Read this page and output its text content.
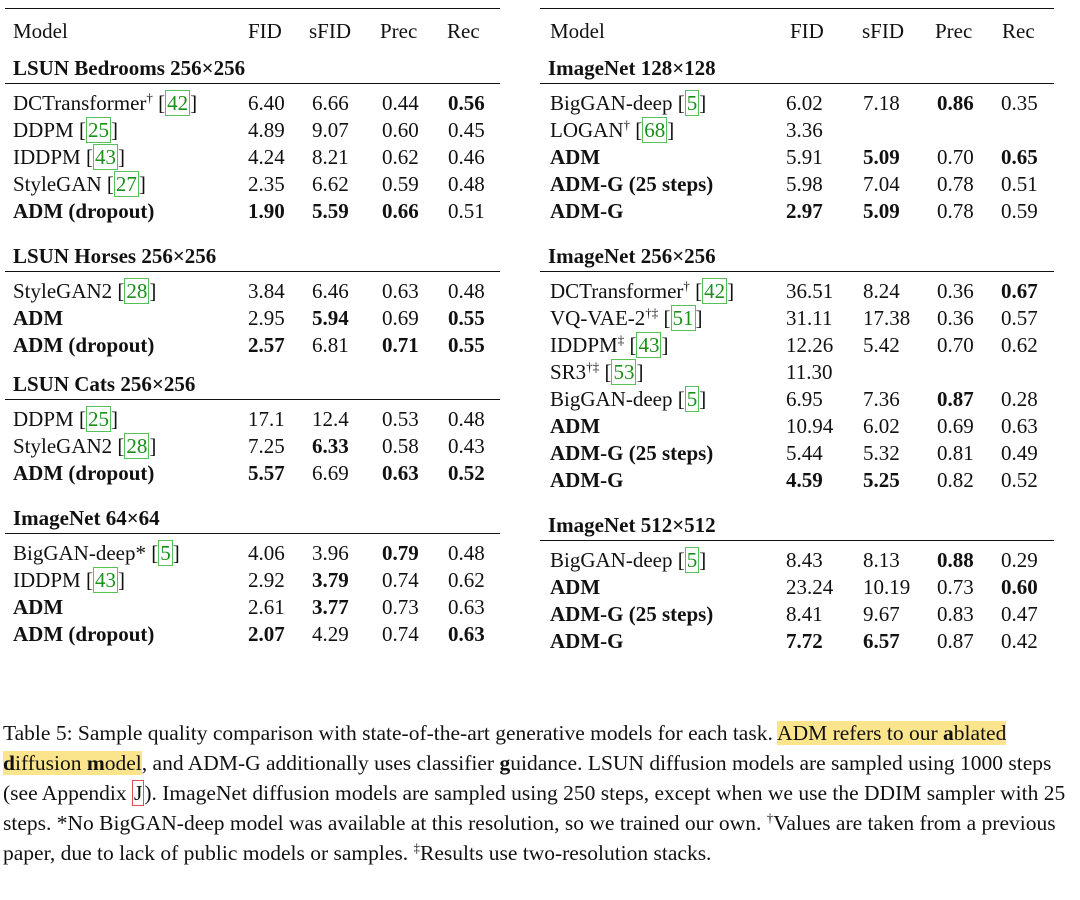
Model	FID sFID Prec Rec
LSUN Bedrooms 256×256
DCTransformer† [42] 6.40 6.66 0.44 0.56
DDPM [25]	4.89 9.07 0.60 0.45
IDDPM [43]	4.24 8.21 0.62 0.46
StyleGAN [27]	2.35 6.62 0.59 0.48
ADM (dropout)	1.90 5.59 0.66 0.51
LSUN Horses 256×256
StyleGAN2 [28]	3.84 6.46 0.63 0.48
ADM	2.95 5.94 0.69 0.55
ADM (dropout)	2.57 6.81 0.71 0.55
LSUN Cats 256×256
DDPM [25]	17.1 12.4 0.53 0.48
StyleGAN2 [28]	7.25 6.33 0.58 0.43
ADM (dropout)	5.57 6.69 0.63 0.52
ImageNet 64×64
BigGAN-deep* [5]	4.06 3.96 0.79 0.48
IDDPM [43]	2.92 3.79 0.74 0.62
ADM	2.61 3.77 0.73 0.63
ADM (dropout)	2.07 4.29 0.74 0.63
Model	FID sFID Prec Rec
ImageNet 128×128
BigGAN-deep [5]	6.02 7.18 0.86 0.35
LOGAN† [68]	3.36
ADM	5.91 5.09 0.70 0.65
ADM-G (25 steps)	5.98 7.04 0.78 0.51
ADM-G	2.97 5.09 0.78 0.59
ImageNet 256×256
DCTransformer† [42] 36.51 8.24 0.36 0.67
VQ-VAE-2†‡ [51]	31.11 17.38 0.36 0.57
IDDPM‡ [43]	12.26 5.42 0.70 0.62
SR3†‡ [53]	11.30
BigGAN-deep [5]	6.95 7.36 0.87 0.28
ADM	10.94 6.02 0.69 0.63
ADM-G (25 steps)	5.44 5.32 0.81 0.49
ADM-G	4.59 5.25 0.82 0.52
ImageNet 512×512
BigGAN-deep [5]	8.43 8.13 0.88 0.29
ADM	23.24 10.19 0.73 0.60
ADM-G (25 steps)	8.41 9.67 0.83 0.47
ADM-G	7.72 6.57 0.87 0.42
Table 5: Sample quality comparison with state-of-the-art generative models for each task. ADM refers to our ablated diffusion model, and ADM-G additionally uses classifier guidance. LSUN diffusion models are sampled using 1000 steps (see Appendix J). ImageNet diffusion models are sampled using 250 steps, except when we use the DDIM sampler with 25 steps. *No BigGAN-deep model was available at this resolution, so we trained our own. †Values are taken from a previous paper, due to lack of public models or samples. ‡Results use two-resolution stacks.
